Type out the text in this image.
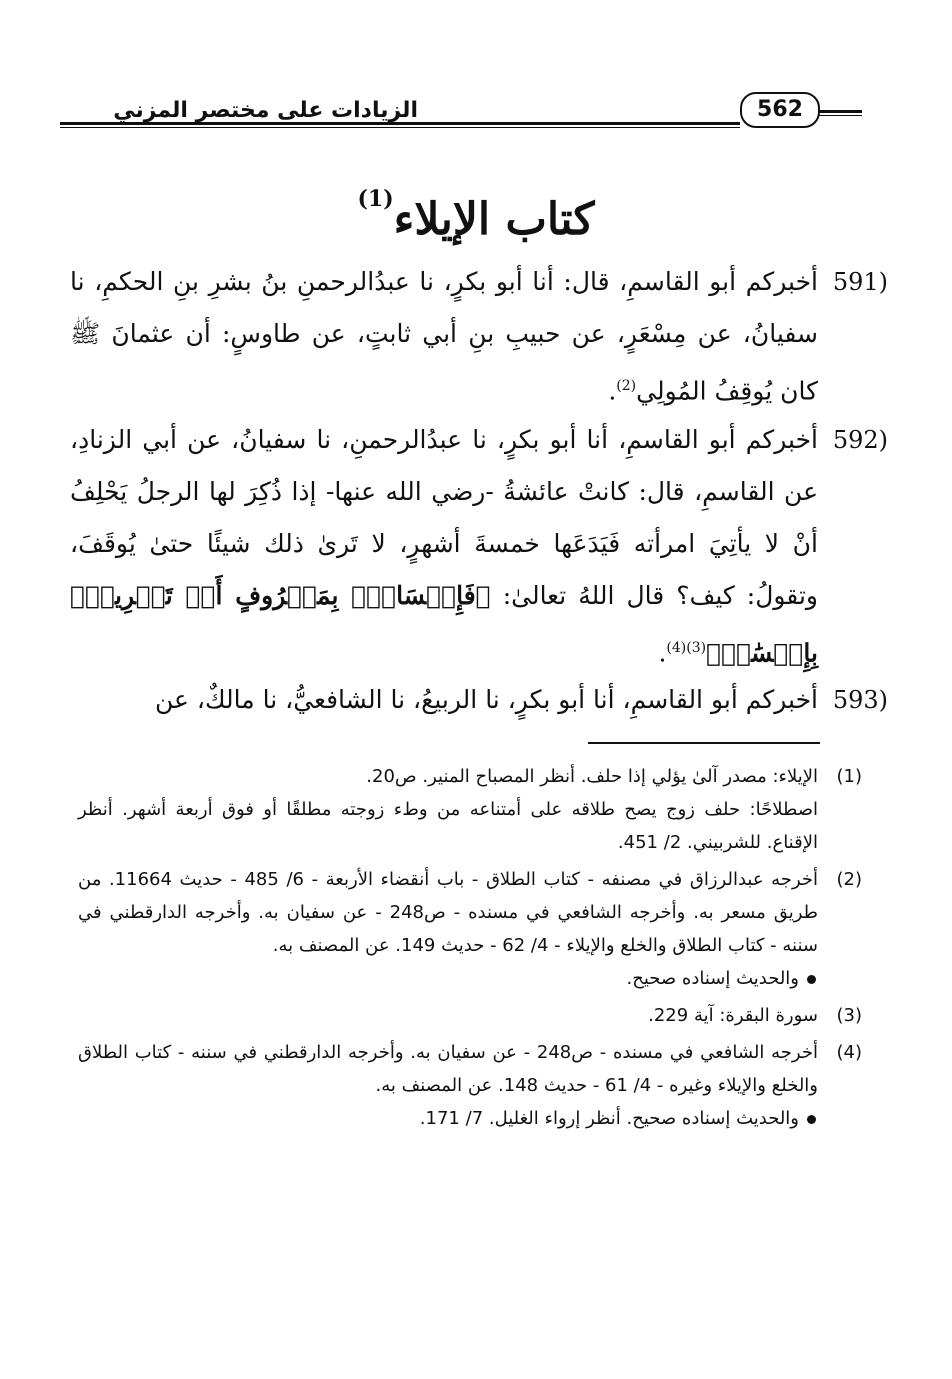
الزيادات على مختصر المزني	562
كتاب الإيلاء$^{(1)}$
591)
أخبركم أبو القاسمِ، قال: أنا أبو بكرٍ، نا عبدُالرحمنِ بنُ بشرِ بنِ الحكمِ، نا سفيانُ، عن مِسْعَرٍ، عن حبيبِ بنِ أبي ثابتٍ، عن طاوسٍ: أن عثمانَ ﷺ كان يُوقِفُ المُولِي$^{(2)}$.
592)
أخبركم أبو القاسمِ، أنا أبو بكرٍ، نا عبدُالرحمنِ، نا سفيانُ، عن أبي الزنادِ، عن القاسمِ، قال: كانتْ عائشةُ -رضي الله عنها- إذا ذُكِرَ لها الرجلُ يَحْلِفُ أنْ لا يأتِيَ امرأته فَيَدَعَها خمسةَ أشهرٍ، لا تَرىٰ ذلك شيئًا حتىٰ يُوقَفَ، وتقولُ: كيف؟ قال اللهُ تعالىٰ: ﴿فَإِمۡسَاكُۢ بِمَعۡرُوفٍ أَوۡ تَسۡرِيحُۢ بِإِحۡسَٰنٖ﴾$^{(3)(4)}$.
593)
أخبركم أبو القاسمِ، أنا أبو بكرٍ، نا الربيعُ، نا الشافعيُّ، نا مالكٌ، عن
(1)
الإيلاء: مصدر آلىٰ يؤلي إذا حلف. أنظر المصباح المنير. ص20.
اصطلاحًا: حلف زوج يصح طلاقه على أمتناعه من وطء زوجته مطلقًا أو فوق أربعة أشهر. أنظر الإقناع. للشربيني. 2/ 451.
(2)
أخرجه عبدالرزاق في مصنفه - كتاب الطلاق - باب أنقضاء الأربعة - 6/ 485 - حديث 11664. من طريق مسعر به. وأخرجه الشافعي في مسنده - ص248 - عن سفيان به. وأخرجه الدارقطني في سننه - كتاب الطلاق والخلع والإيلاء - 4/ 62 - حديث 149. عن المصنف به.
والحديث إسناده صحيح.
(3)
سورة البقرة: آية 229.
(4)
أخرجه الشافعي في مسنده - ص248 - عن سفيان به. وأخرجه الدارقطني في سننه - كتاب الطلاق والخلع والإيلاء وغيره - 4/ 61 - حديث 148. عن المصنف به.
والحديث إسناده صحيح. أنظر إرواء الغليل. 7/ 171.
